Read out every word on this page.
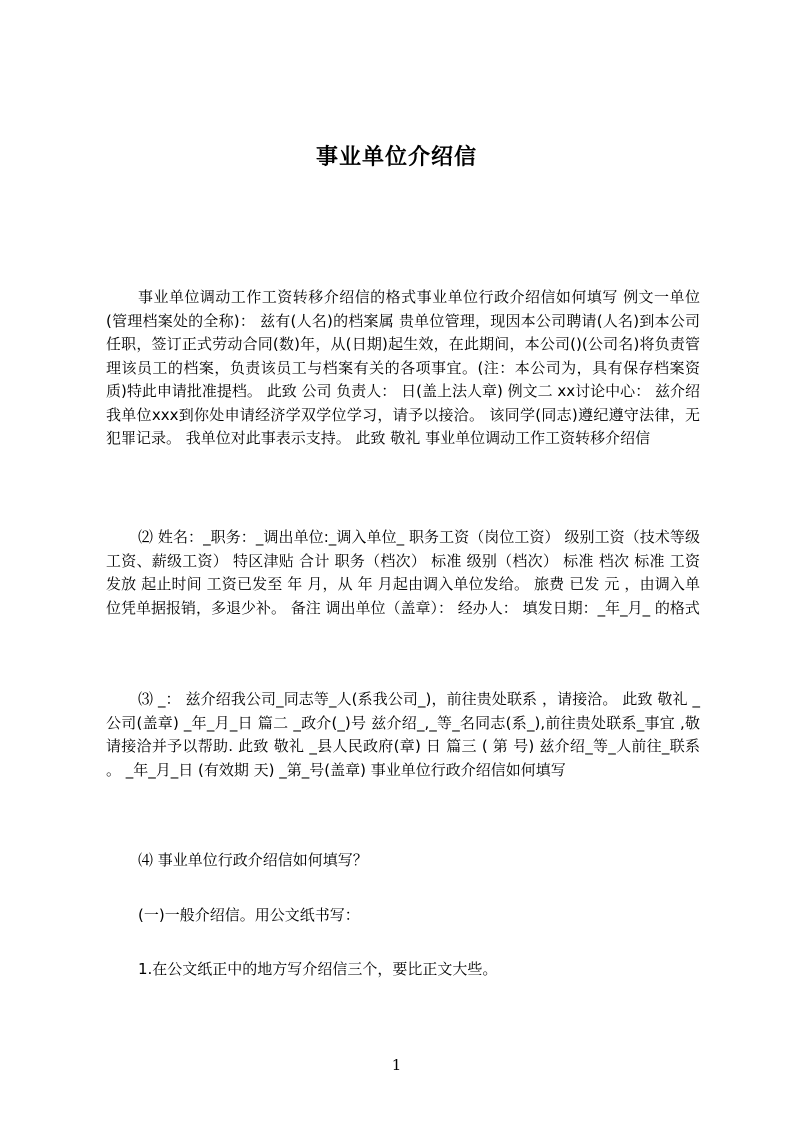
事业单位介绍信
事业单位调动工作工资转移介绍信的格式事业单位行政介绍信如何填写 例文一单位(管理档案处的全称)： 兹有(人名)的档案属 贵单位管理，现因本公司聘请(人名)到本公司任职，签订正式劳动合同(数)年，从(日期)起生效，在此期间，本公司()(公司名)将负责管理该员工的档案，负责该员工与档案有关的各项事宜。(注：本公司为，具有保存档案资质)特此申请批准提档。 此致 公司 负责人： 日(盖上法人章) 例文二 xx讨论中心： 兹介绍我单位xxx到你处申请经济学双学位学习，请予以接洽。 该同学(同志)遵纪遵守法律，无犯罪记录。 我单位对此事表示支持。 此致 敬礼 事业单位调动工作工资转移介绍信
⑵ 姓名：_职务：_调出单位:_调入单位_ 职务工资（岗位工资） 级别工资（技术等级工资、薪级工资） 特区津贴 合计 职务（档次） 标准 级别（档次） 标准 档次 标准 工资发放 起止时间 工资已发至 年 月，从 年 月起由调入单位发给。 旅费 已发 元 ，由调入单位凭单据报销，多退少补。 备注 调出单位（盖章）： 经办人： 填发日期：_年_月_ 的格式
⑶ _： 兹介绍我公司_同志等_人(系我公司_)，前往贵处联系 ，请接洽。 此致 敬礼 _公司(盖章) _年_月_日 篇二 _政介(_)号 兹介绍_,_等_名同志(系_),前往贵处联系_事宜 ,敬请接洽并予以帮助. 此致 敬礼 _县人民政府(章) 日 篇三 ( 第 号) 兹介绍_等_人前往_联系 。 _年_月_日 (有效期 天) _第_号(盖章) 事业单位行政介绍信如何填写
⑷ 事业单位行政介绍信如何填写？
(一)一般介绍信。用公文纸书写：
1.在公文纸正中的地方写介绍信三个，要比正文大些。
1
